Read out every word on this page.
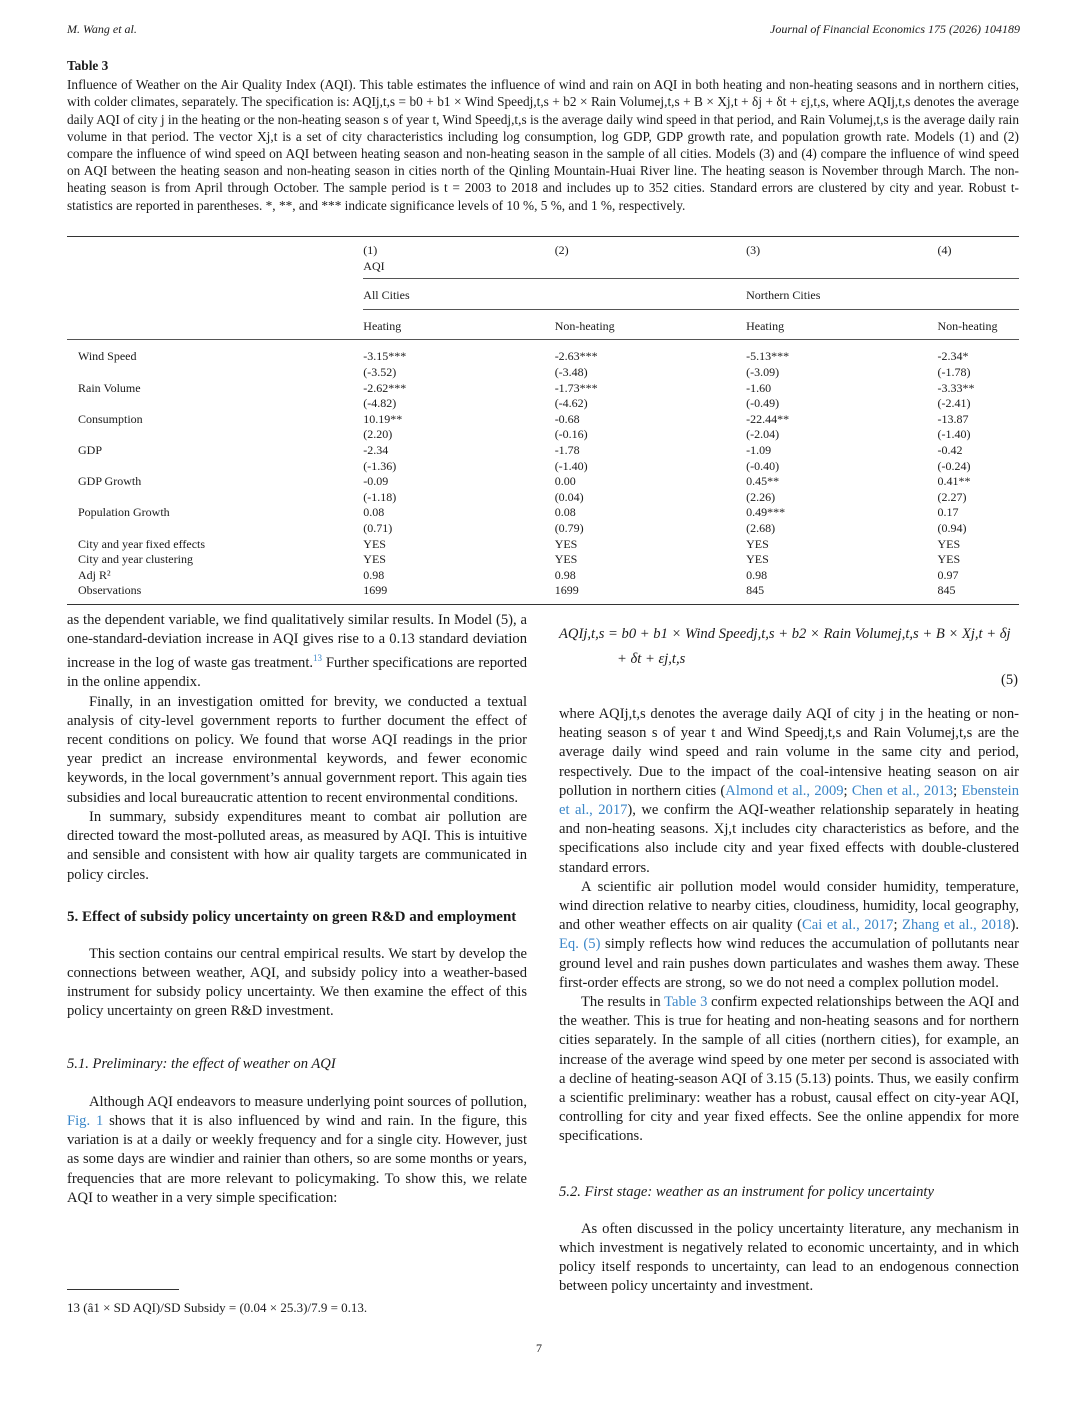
M. Wang et al.	Journal of Financial Economics 175 (2026) 104189
Table 3
Influence of Weather on the Air Quality Index (AQI). This table estimates the influence of wind and rain on AQI in both heating and non-heating seasons and in northern cities, with colder climates, separately. The specification is: AQIj,t,s = b0 + b1 × Wind Speedj,t,s + b2 × Rain Volumej,t,s + B × Xj,t + δj + δt + εj,t,s, where AQIj,t,s denotes the average daily AQI of city j in the heating or the non-heating season s of year t, Wind Speedj,t,s is the average daily wind speed in that period, and Rain Volumej,t,s is the average daily rain volume in that period. The vector Xj,t is a set of city characteristics including log consumption, log GDP, GDP growth rate, and population growth rate. Models (1) and (2) compare the influence of wind speed on AQI between heating season and non-heating season in the sample of all cities. Models (3) and (4) compare the influence of wind speed on AQI between the heating season and non-heating season in cities north of the Qinling Mountain-Huai River line. The heating season is November through March. The non-heating season is from April through October. The sample period is t = 2003 to 2018 and includes up to 352 cities. Standard errors are clustered by city and year. Robust t-statistics are reported in parentheses. *, **, and *** indicate significance levels of 10 %, 5 %, and 1 %, respectively.
	(1)	(2)	(3)	(4)
	AQI			
	All Cities		Northern Cities	
	Heating	Non-heating	Heating	Non-heating
Wind Speed	-3.15***	-2.63***	-5.13***	-2.34*
	(-3.52)	(-3.48)	(-3.09)	(-1.78)
Rain Volume	-2.62***	-1.73***	-1.60	-3.33**
	(-4.82)	(-4.62)	(-0.49)	(-2.41)
Consumption	10.19**	-0.68	-22.44**	-13.87
	(2.20)	(-0.16)	(-2.04)	(-1.40)
GDP	-2.34	-1.78	-1.09	-0.42
	(-1.36)	(-1.40)	(-0.40)	(-0.24)
GDP Growth	-0.09	0.00	0.45**	0.41**
	(-1.18)	(0.04)	(2.26)	(2.27)
Population Growth	0.08	0.08	0.49***	0.17
	(0.71)	(0.79)	(2.68)	(0.94)
City and year fixed effects	YES	YES	YES	YES
City and year clustering	YES	YES	YES	YES
Adj R²	0.98	0.98	0.98	0.97
Observations	1699	1699	845	845

as the dependent variable, we find qualitatively similar results. In Model (5), a one-standard-deviation increase in AQI gives rise to a 0.13 standard deviation increase in the log of waste gas treatment.$^{13}$ Further specifications are reported in the online appendix.

Finally, in an investigation omitted for brevity, we conducted a textual analysis of city-level government reports to further document the effect of recent conditions on policy. We found that worse AQI readings in the prior year predict an increase environmental keywords, and fewer economic keywords, in the local government’s annual government report. This again ties subsidies and local bureaucratic attention to recent environmental conditions.

In summary, subsidy expenditures meant to combat air pollution are directed toward the most-polluted areas, as measured by AQI. This is intuitive and sensible and consistent with how air quality targets are communicated in policy circles.

5. Effect of subsidy policy uncertainty on green R&D and employment

This section contains our central empirical results. We start by develop the connections between weather, AQI, and subsidy policy into a weather-based instrument for subsidy policy uncertainty. We then examine the effect of this policy uncertainty on green R&D investment.

5.1. Preliminary: the effect of weather on AQI

Although AQI endeavors to measure underlying point sources of pollution, Fig. 1 shows that it is also influenced by wind and rain. In the figure, this variation is at a daily or weekly frequency and for a single city. However, just as some days are windier and rainier than others, so are some months or years, frequencies that are more relevant to policymaking. To show this, we relate AQI to weather in a very simple specification:

13 (â1 × SD AQI)/SD Subsidy = (0.04 × 25.3)/7.9 = 0.13.
AQIj,t,s = b0 + b1 × Wind Speedj,t,s + b2 × Rain Volumej,t,s + B × Xj,t + δj
+ δt + εj,t,s
(5)

where AQIj,t,s denotes the average daily AQI of city j in the heating or non-heating season s of year t and Wind Speedj,t,s and Rain Volumej,t,s are the average daily wind speed and rain volume in the same city and period, respectively. Due to the impact of the coal-intensive heating season on air pollution in northern cities (Almond et al., 2009; Chen et al., 2013; Ebenstein et al., 2017), we confirm the AQI-weather relationship separately in heating and non-heating seasons. Xj,t includes city characteristics as before, and the specifications also include city and year fixed effects with double-clustered standard errors.

A scientific air pollution model would consider humidity, temperature, wind direction relative to nearby cities, cloudiness, humidity, local geography, and other weather effects on air quality (Cai et al., 2017; Zhang et al., 2018). Eq. (5) simply reflects how wind reduces the accumulation of pollutants near ground level and rain pushes down particulates and washes them away. These first-order effects are strong, so we do not need a complex pollution model.

The results in Table 3 confirm expected relationships between the AQI and the weather. This is true for heating and non-heating seasons and for northern cities separately. In the sample of all cities (northern cities), for example, an increase of the average wind speed by one meter per second is associated with a decline of heating-season AQI of 3.15 (5.13) points. Thus, we easily confirm a scientific preliminary: weather has a robust, causal effect on city-year AQI, controlling for city and year fixed effects. See the online appendix for more specifications.

5.2. First stage: weather as an instrument for policy uncertainty

As often discussed in the policy uncertainty literature, any mechanism in which investment is negatively related to economic uncertainty, and in which policy itself responds to uncertainty, can lead to an endogenous connection between policy uncertainty and investment.

7
